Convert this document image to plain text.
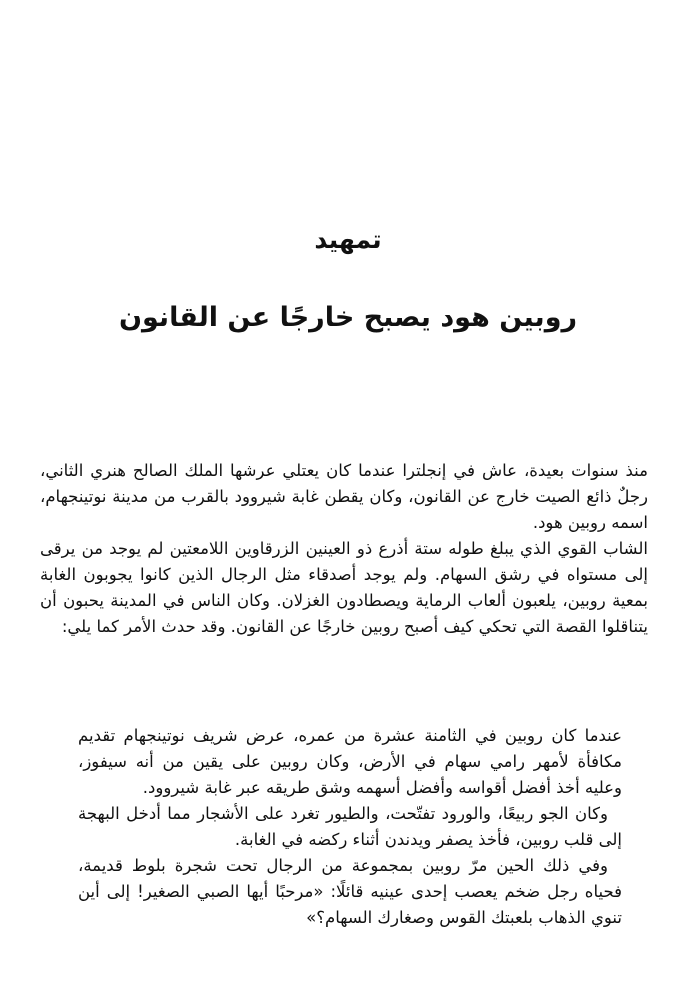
تمهيد
روبين هود يصبح خارجًا عن القانون

منذ سنوات بعيدة، عاش في إنجلترا عندما كان يعتلي عرشها الملك الصالح هنري الثاني، رجلٌ ذائع الصيت خارج عن القانون، وكان يقطن غابة شيروود بالقرب من مدينة نوتينجهام، اسمه روبين هود.

الشاب القوي الذي يبلغ طوله ستة أذرع ذو العينين الزرقاوين اللامعتين لم يوجد من يرقى إلى مستواه في رشق السهام. ولم يوجد أصدقاء مثل الرجال الذين كانوا يجوبون الغابة بمعية روبين، يلعبون ألعاب الرماية ويصطادون الغزلان. وكان الناس في المدينة يحبون أن يتناقلوا القصة التي تحكي كيف أصبح روبين خارجًا عن القانون. وقد حدث الأمر كما يلي:

عندما كان روبين في الثامنة عشرة من عمره، عرض شريف نوتينجهام تقديم مكافأة لأمهر رامي سهام في الأرض، وكان روبين على يقين من أنه سيفوز، وعليه أخذ أفضل أقواسه وأفضل أسهمه وشق طريقه عبر غابة شيروود.

وكان الجو ربيعًا، والورود تفتّحت، والطيور تغرد على الأشجار مما أدخل البهجة إلى قلب روبين، فأخذ يصفر ويدندن أثناء ركضه في الغابة.

وفي ذلك الحين مرّ روبين بمجموعة من الرجال تحت شجرة بلوط قديمة، فحياه رجل ضخم يعصب إحدى عينيه قائلًا: «مرحبًا أيها الصبي الصغير! إلى أين تنوي الذهاب بلعبتك القوس وصغارك السهام؟»
